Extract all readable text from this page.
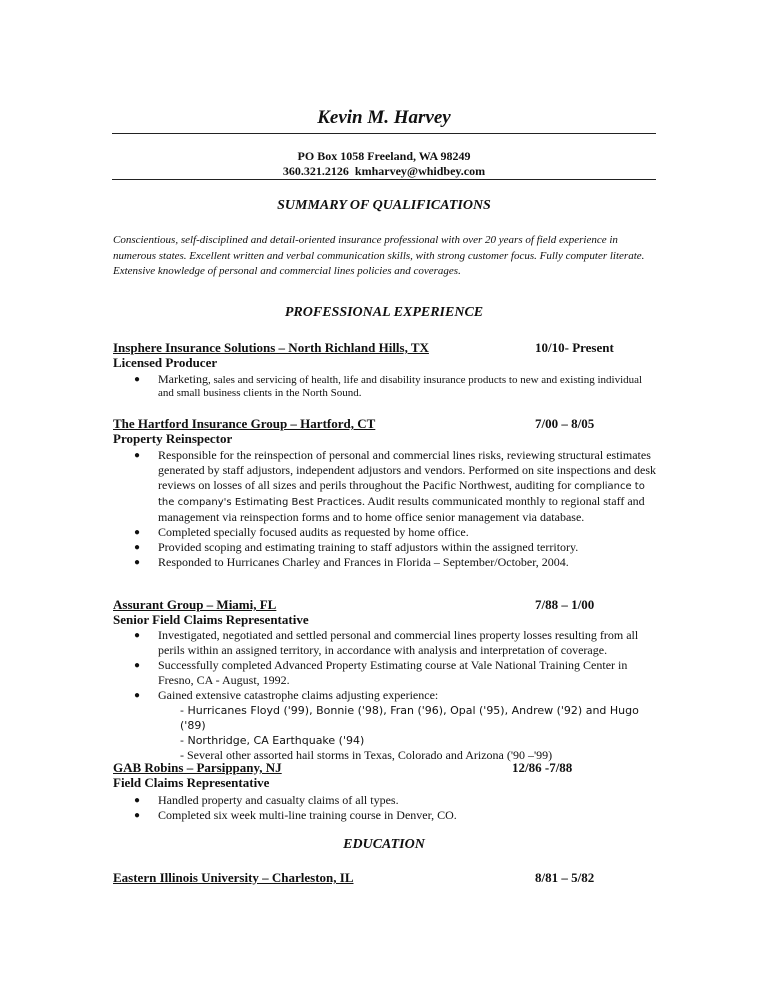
Kevin M. Harvey
PO Box 1058 Freeland, WA 98249
360.321.2126 kmharvey@whidbey.com
SUMMARY OF QUALIFICATIONS
Conscientious, self-disciplined and detail-oriented insurance professional with over 20 years of field experience in numerous states. Excellent written and verbal communication skills, with strong customer focus. Fully computer literate. Extensive knowledge of personal and commercial lines policies and coverages.
PROFESSIONAL EXPERIENCE
Insphere Insurance Solutions – North Richland Hills, TX	10/10- Present
Licensed Producer
● Marketing, sales and servicing of health, life and disability insurance products to new and existing individual and small business clients in the North Sound.
The Hartford Insurance Group – Hartford, CT	7/00 – 8/05
Property Reinspector
● Responsible for the reinspection of personal and commercial lines risks, reviewing structural estimates generated by staff adjustors, independent adjustors and vendors. Performed on site inspections and desk reviews on losses of all sizes and perils throughout the Pacific Northwest, auditing for compliance to the company's Estimating Best Practices. Audit results communicated monthly to regional staff and management via reinspection forms and to home office senior management via database.
● Completed specially focused audits as requested by home office.
● Provided scoping and estimating training to staff adjustors within the assigned territory.
● Responded to Hurricanes Charley and Frances in Florida – September/October, 2004.
Assurant Group – Miami, FL	7/88 – 1/00
Senior Field Claims Representative
● Investigated, negotiated and settled personal and commercial lines property losses resulting from all perils within an assigned territory, in accordance with analysis and interpretation of coverage.
● Successfully completed Advanced Property Estimating course at Vale National Training Center in Fresno, CA - August, 1992.
● Gained extensive catastrophe claims adjusting experience:
- Hurricanes Floyd ('99), Bonnie ('98), Fran ('96), Opal ('95), Andrew ('92) and Hugo ('89)
- Northridge, CA Earthquake ('94)
- Several other assorted hail storms in Texas, Colorado and Arizona ('90 –'99)
GAB Robins – Parsippany, NJ	12/86 -7/88
Field Claims Representative
● Handled property and casualty claims of all types.
● Completed six week multi-line training course in Denver, CO.
EDUCATION
Eastern Illinois University – Charleston, IL	8/81 – 5/82
